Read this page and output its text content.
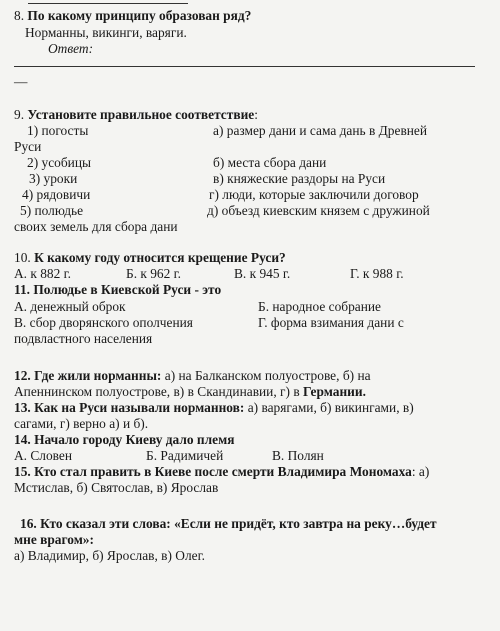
8. По какому принципу образован ряд?
Норманны, викинги, варяги.
Ответ:
—
9. Установите правильное соответствие:
1) погосты	а) размер дани и сама дань в Древней
Руси
2) усобицы	б) места сбора дани
3) уроки	в) княжеские раздоры на Руси
4) рядовичи	г) люди, которые заключили договор
5) полюдье	д) объезд киевским князем с дружиной
своих земель для сбора дани
10. К какому году относится крещение Руси?
А. к 882 г.	Б. к 962 г.	В. к 945 г.	Г. к 988 г.
11. Полюдье в Киевской Руси - это
А. денежный оброк	Б. народное собрание
В. сбор дворянского ополчения	Г. форма взимания дани с
подвластного населения
12. Где жили норманны: а) на Балканском полуострове, б) на
Апеннинском полуострове, в) в Скандинавии, г) в Германии.
13. Как на Руси называли норманнов: а) варягами, б) викингами, в)
сагами, г) верно а) и б).
14. Начало городу Киеву дало племя
А. Словен	Б. Радимичей	В. Полян
15. Кто стал править в Киеве после смерти Владимира Мономаха: а)
Мстислав, б) Святослав, в) Ярослав
16. Кто сказал эти слова: «Если не придёт, кто завтра на реку…будет
мне врагом»:
а) Владимир, б) Ярослав, в) Олег.
